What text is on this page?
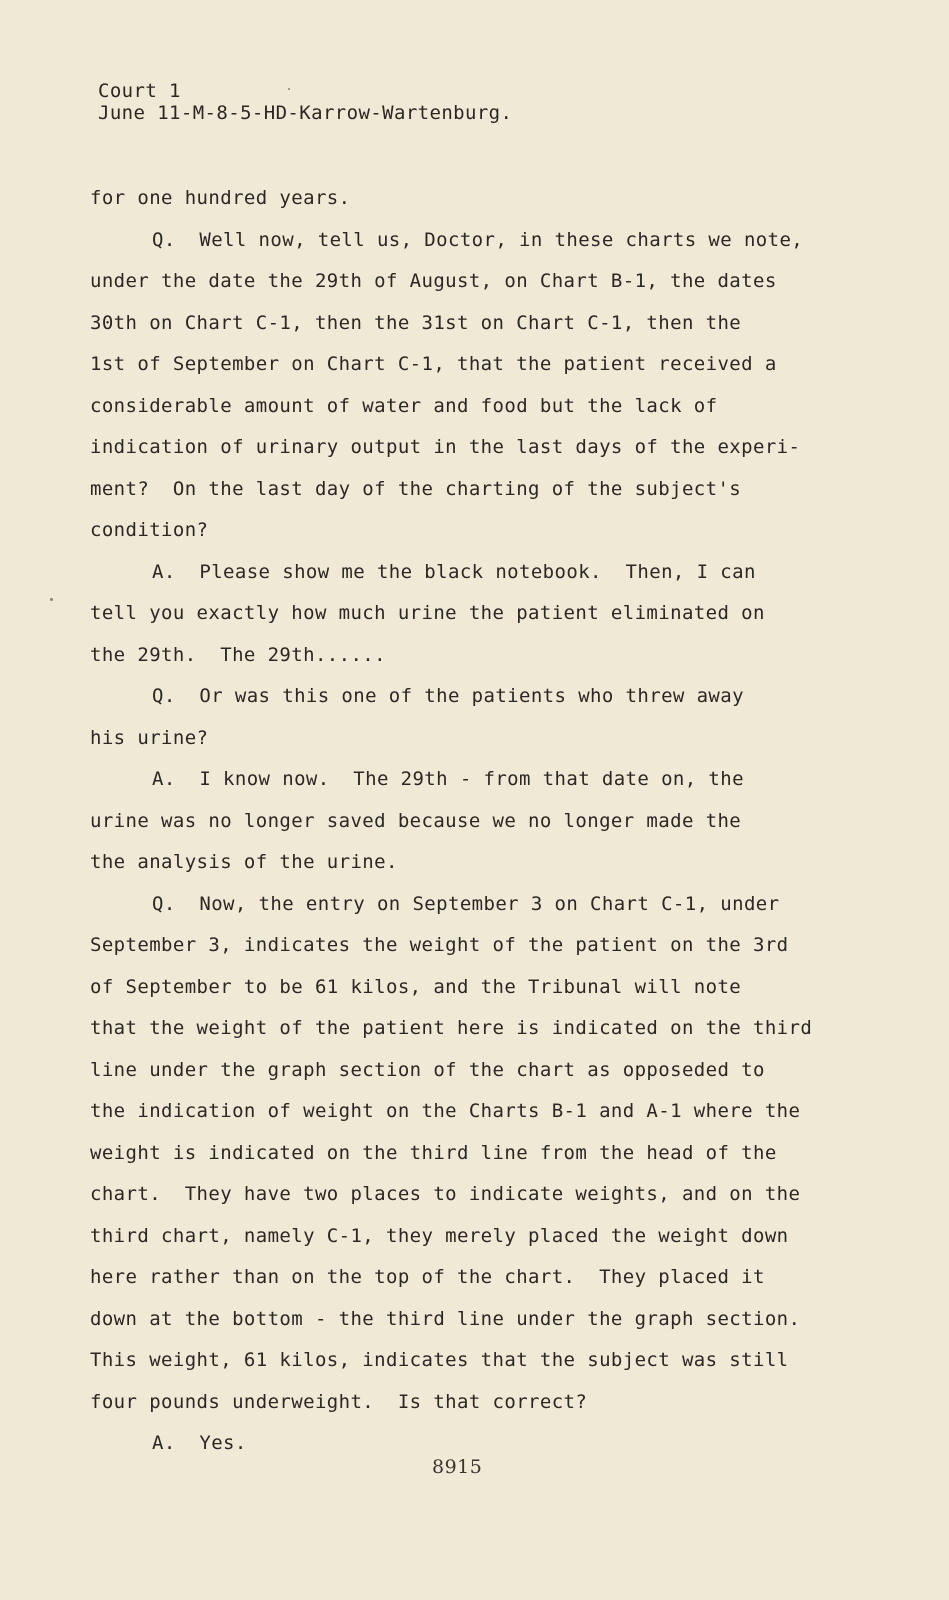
Court 1
June 11-M-8-5-HD-Karrow-Wartenburg.
for one hundred years.
Q.  Well now, tell us, Doctor, in these charts we note,
under the date the 29th of August, on Chart B-1, the dates
30th on Chart C-1, then the 31st on Chart C-1, then the
1st of September on Chart C-1, that the patient received a
considerable amount of water and food but the lack of
indication of urinary output in the last days of the experi-
ment?  On the last day of the charting of the subject's
condition?
A.  Please show me the black notebook.  Then, I can
tell you exactly how much urine the patient eliminated on
the 29th.  The 29th......
Q.  Or was this one of the patients who threw away
his urine?
A.  I know now.  The 29th - from that date on, the
urine was no longer saved because we no longer made the
the analysis of the urine.
Q.  Now, the entry on September 3 on Chart C-1, under
September 3, indicates the weight of the patient on the 3rd
of September to be 61 kilos, and the Tribunal will note
that the weight of the patient here is indicated on the third
line under the graph section of the chart as opposeded to
the indication of weight on the Charts B-1 and A-1 where the
weight is indicated on the third line from the head of the
chart.  They have two places to indicate weights, and on the
third chart, namely C-1, they merely placed the weight down
here rather than on the top of the chart.  They placed it
down at the bottom - the third line under the graph section.
This weight, 61 kilos, indicates that the subject was still
four pounds underweight.  Is that correct?
A.  Yes.
8915
